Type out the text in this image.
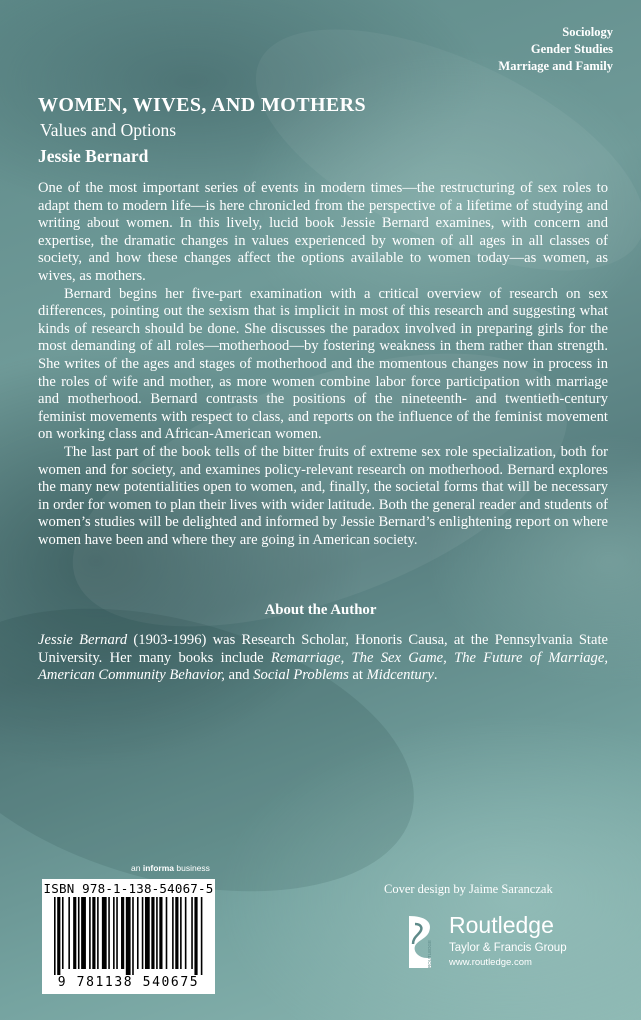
Sociology
Gender Studies
Marriage and Family
WOMEN, WIVES, AND MOTHERS
Values and Options
Jessie Bernard

One of the most important series of events in modern times—the restructuring of sex roles to adapt them to modern life—is here chronicled from the perspective of a lifetime of studying and writing about women. In this lively, lucid book Jessie Bernard examines, with concern and expertise, the dramatic changes in values experienced by women of all ages in all classes of society, and how these changes affect the options available to women today—as women, as wives, as mothers.

Bernard begins her five-part examination with a critical overview of research on sex differences, pointing out the sexism that is implicit in most of this research and suggesting what kinds of research should be done. She discusses the paradox involved in preparing girls for the most demanding of all roles—motherhood—by fostering weakness in them rather than strength. She writes of the ages and stages of motherhood and the momentous changes now in process in the roles of wife and mother, as more women combine labor force participation with marriage and motherhood. Bernard contrasts the positions of the nineteenth- and twentieth-century feminist movements with respect to class, and reports on the influence of the feminist movement on working class and African-American women.

The last part of the book tells of the bitter fruits of extreme sex role specialization, both for women and for society, and examines policy-relevant research on motherhood. Bernard explores the many new potentialities open to women, and, finally, the societal forms that will be necessary in order for women to plan their lives with wider latitude. Both the general reader and students of women’s studies will be delighted and informed by Jessie Bernard’s enlightening report on where women have been and where they are going in American society.

About the Author

Jessie Bernard (1903-1996) was Research Scholar, Honoris Causa, at the Pennsylvania State University. Her many books include Remarriage, The Sex Game, The Future of Marriage, American Community Behavior, and Social Problems at Midcentury.

an informa business
ISBN 978-1-138-54067-5
9 781138 540675
Cover design by Jaime Saranczak
ROUTLEDGE
Routledge
Taylor & Francis Group
www.routledge.com
